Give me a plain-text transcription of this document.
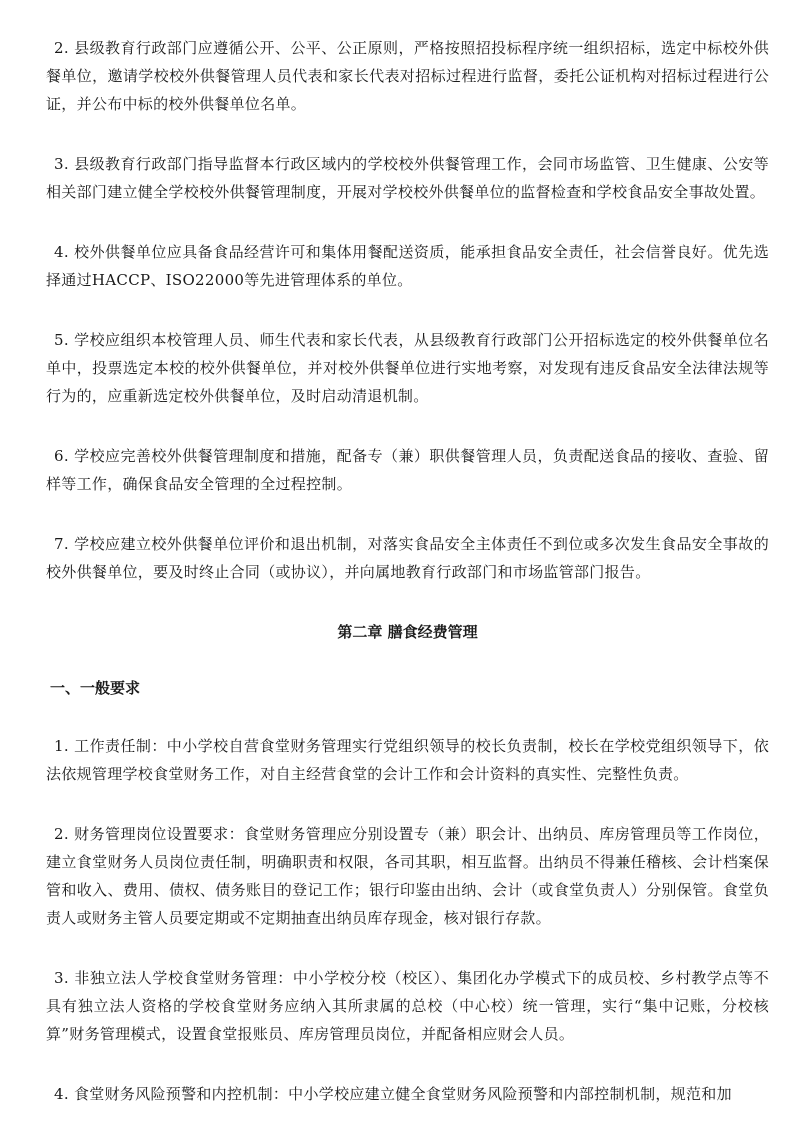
2. 县级教育行政部门应遵循公开、公平、公正原则，严格按照招投标程序统一组织招标，选定中标校外供餐单位，邀请学校校外供餐管理人员代表和家长代表对招标过程进行监督，委托公证机构对招标过程进行公证，并公布中标的校外供餐单位名单。

3. 县级教育行政部门指导监督本行政区域内的学校校外供餐管理工作，会同市场监管、卫生健康、公安等相关部门建立健全学校校外供餐管理制度，开展对学校校外供餐单位的监督检查和学校食品安全事故处置。

4. 校外供餐单位应具备食品经营许可和集体用餐配送资质，能承担食品安全责任，社会信誉良好。优先选择通过HACCP、ISO22000等先进管理体系的单位。

5. 学校应组织本校管理人员、师生代表和家长代表，从县级教育行政部门公开招标选定的校外供餐单位名单中，投票选定本校的校外供餐单位，并对校外供餐单位进行实地考察，对发现有违反食品安全法律法规等行为的，应重新选定校外供餐单位，及时启动清退机制。

6. 学校应完善校外供餐管理制度和措施，配备专（兼）职供餐管理人员，负责配送食品的接收、查验、留样等工作，确保食品安全管理的全过程控制。

7. 学校应建立校外供餐单位评价和退出机制，对落实食品安全主体责任不到位或多次发生食品安全事故的校外供餐单位，要及时终止合同（或协议），并向属地教育行政部门和市场监管部门报告。

第二章 膳食经费管理
一、一般要求

1. 工作责任制：中小学校自营食堂财务管理实行党组织领导的校长负责制，校长在学校党组织领导下，依法依规管理学校食堂财务工作，对自主经营食堂的会计工作和会计资料的真实性、完整性负责。

2. 财务管理岗位设置要求：食堂财务管理应分别设置专（兼）职会计、出纳员、库房管理员等工作岗位，建立食堂财务人员岗位责任制，明确职责和权限，各司其职，相互监督。出纳员不得兼任稽核、会计档案保管和收入、费用、债权、债务账目的登记工作；银行印鉴由出纳、会计（或食堂负责人）分别保管。食堂负责人或财务主管人员要定期或不定期抽查出纳员库存现金，核对银行存款。

3. 非独立法人学校食堂财务管理：中小学校分校（校区）、集团化办学模式下的成员校、乡村教学点等不具有独立法人资格的学校食堂财务应纳入其所隶属的总校（中心校）统一管理，实行“集中记账，分校核算”财务管理模式，设置食堂报账员、库房管理员岗位，并配备相应财会人员。

4. 食堂财务风险预警和内控机制：中小学校应建立健全食堂财务风险预警和内部控制机制，规范和加
